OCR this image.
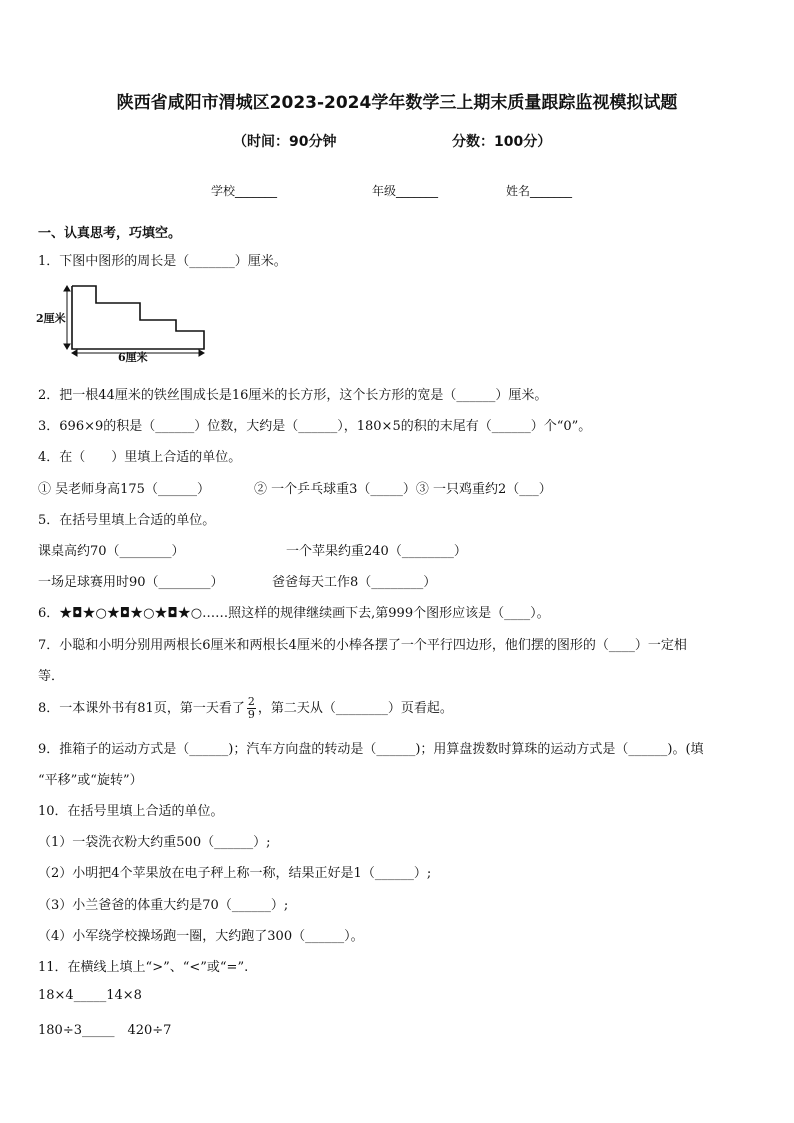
陕西省咸阳市渭城区2023-2024学年数学三上期末质量跟踪监视模拟试题
（时间：90分钟	分数：100分）
学校_______	年级_______	姓名_______
一、认真思考，巧填空。
1．下图中图形的周长是（_______）厘米。
2厘米
6厘米
2．把一根44厘米的铁丝围成长是16厘米的长方形，这个长方形的宽是（______）厘米。
3．696×9的积是（______）位数，大约是（______），180×5的积的末尾有（______）个“0”。
4．在（　　）里填上合适的单位。
① 吴老师身高175（______）	② 一个乒乓球重3（_____）③ 一只鸡重约2（___）
5．在括号里填上合适的单位。
课桌高约70（________）	一个苹果约重240（________）
一场足球赛用时90（________）	爸爸每天工作8（________）
6．★◘★○★◘★○★◘★○……照这样的规律继续画下去,第999个图形应该是（____）。
7．小聪和小明分别用两根长6厘米和两根长4厘米的小棒各摆了一个平行四边形，他们摆的图形的（____）一定相
等．
8．一本课外书有81页，第一天看了 $\frac{2}{9}$ ，第二天从（________）页看起。
9．推箱子的运动方式是（______)；汽车方向盘的转动是（______)；用算盘拨数时算珠的运动方式是（______)。(填
“平移”或“旋转”）
10．在括号里填上合适的单位。
（1）一袋洗衣粉大约重500（______）;
（2）小明把4个苹果放在电子秤上称一称，结果正好是1（______）;
（3）小兰爸爸的体重大约是70（______）;
（4）小军绕学校操场跑一圈，大约跑了300（______）。
11．在横线上填上“>”、“<”或“=”.
18×4_____14×8
180÷3_____　420÷7
